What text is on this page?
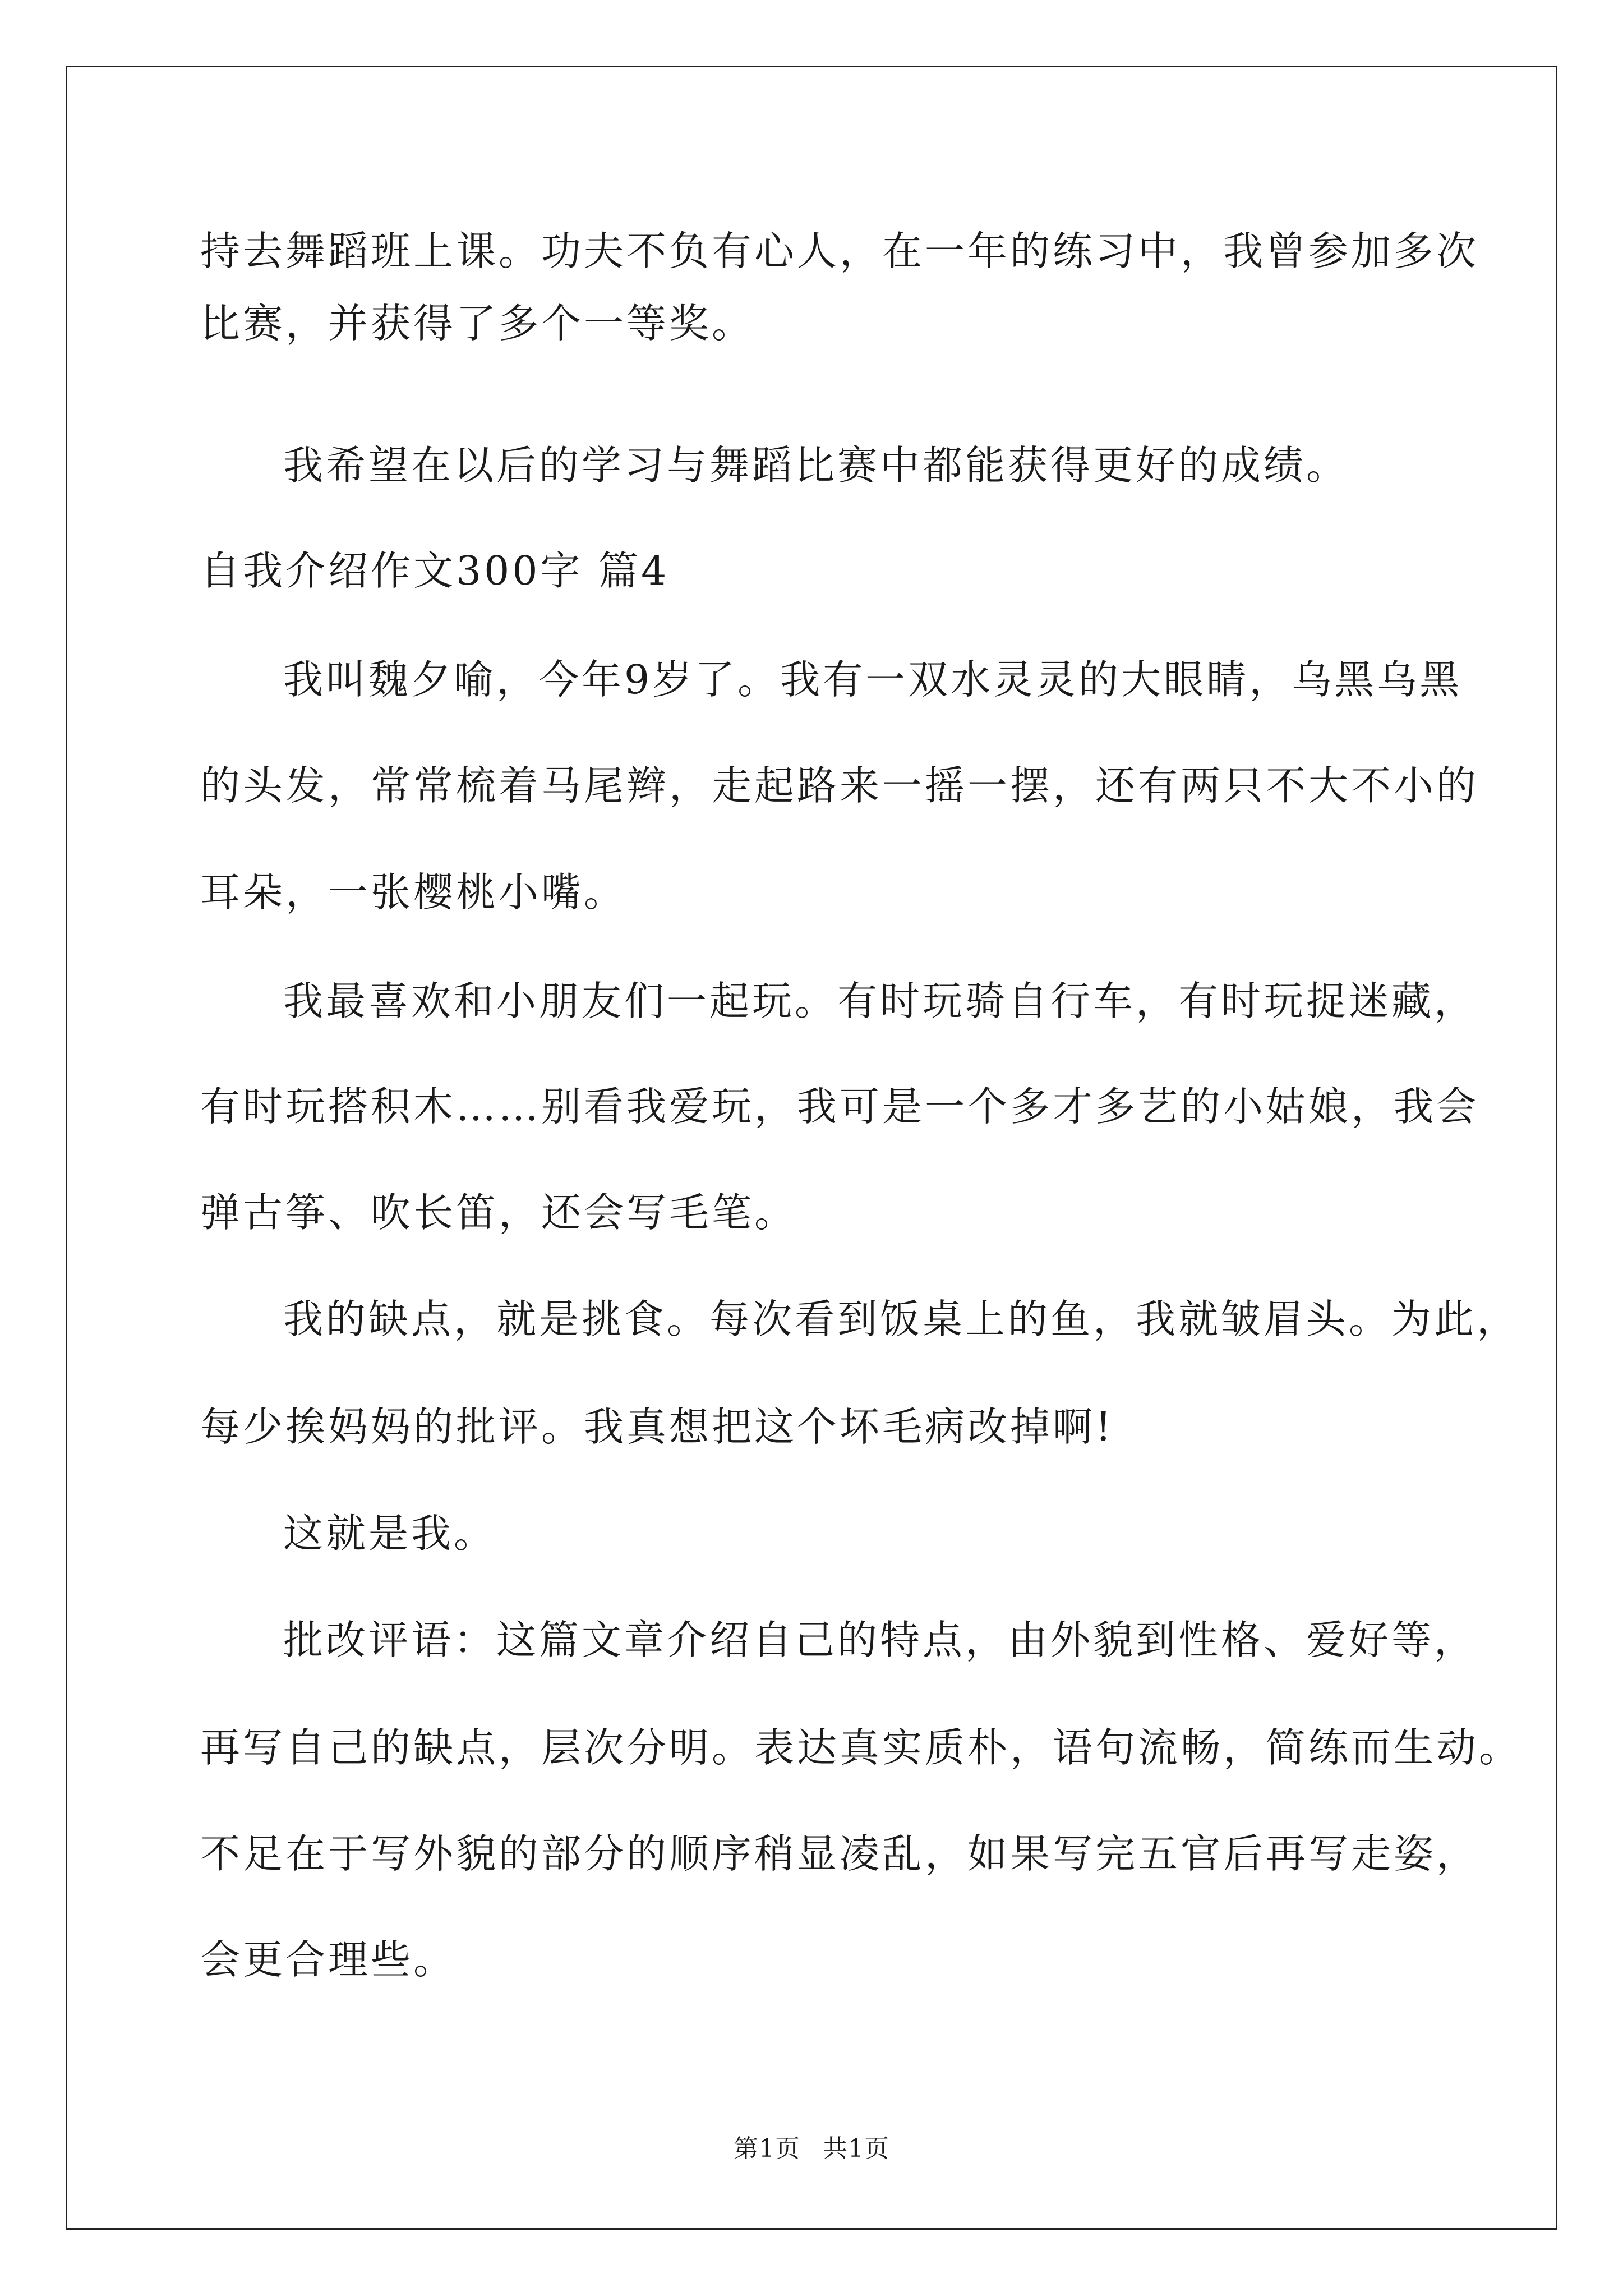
持去舞蹈班上课。功夫不负有心人，在一年的练习中，我曾参加多次
比赛，并获得了多个一等奖。
我希望在以后的学习与舞蹈比赛中都能获得更好的成绩。
自我介绍作文300字 篇4
我叫魏夕喻，今年9岁了。我有一双水灵灵的大眼睛，乌黑乌黑
的头发，常常梳着马尾辫，走起路来一摇一摆，还有两只不大不小的
耳朵，一张樱桃小嘴。
我最喜欢和小朋友们一起玩。有时玩骑自行车，有时玩捉迷藏，
有时玩搭积木……别看我爱玩，我可是一个多才多艺的小姑娘，我会
弹古筝、吹长笛，还会写毛笔。
我的缺点，就是挑食。每次看到饭桌上的鱼，我就皱眉头。为此，
每少挨妈妈的批评。我真想把这个坏毛病改掉啊!
这就是我。
批改评语：这篇文章介绍自己的特点，由外貌到性格、爱好等，
再写自己的缺点，层次分明。表达真实质朴，语句流畅，简练而生动。
不足在于写外貌的部分的顺序稍显凌乱，如果写完五官后再写走姿，
会更合理些。
第1页 共1页
